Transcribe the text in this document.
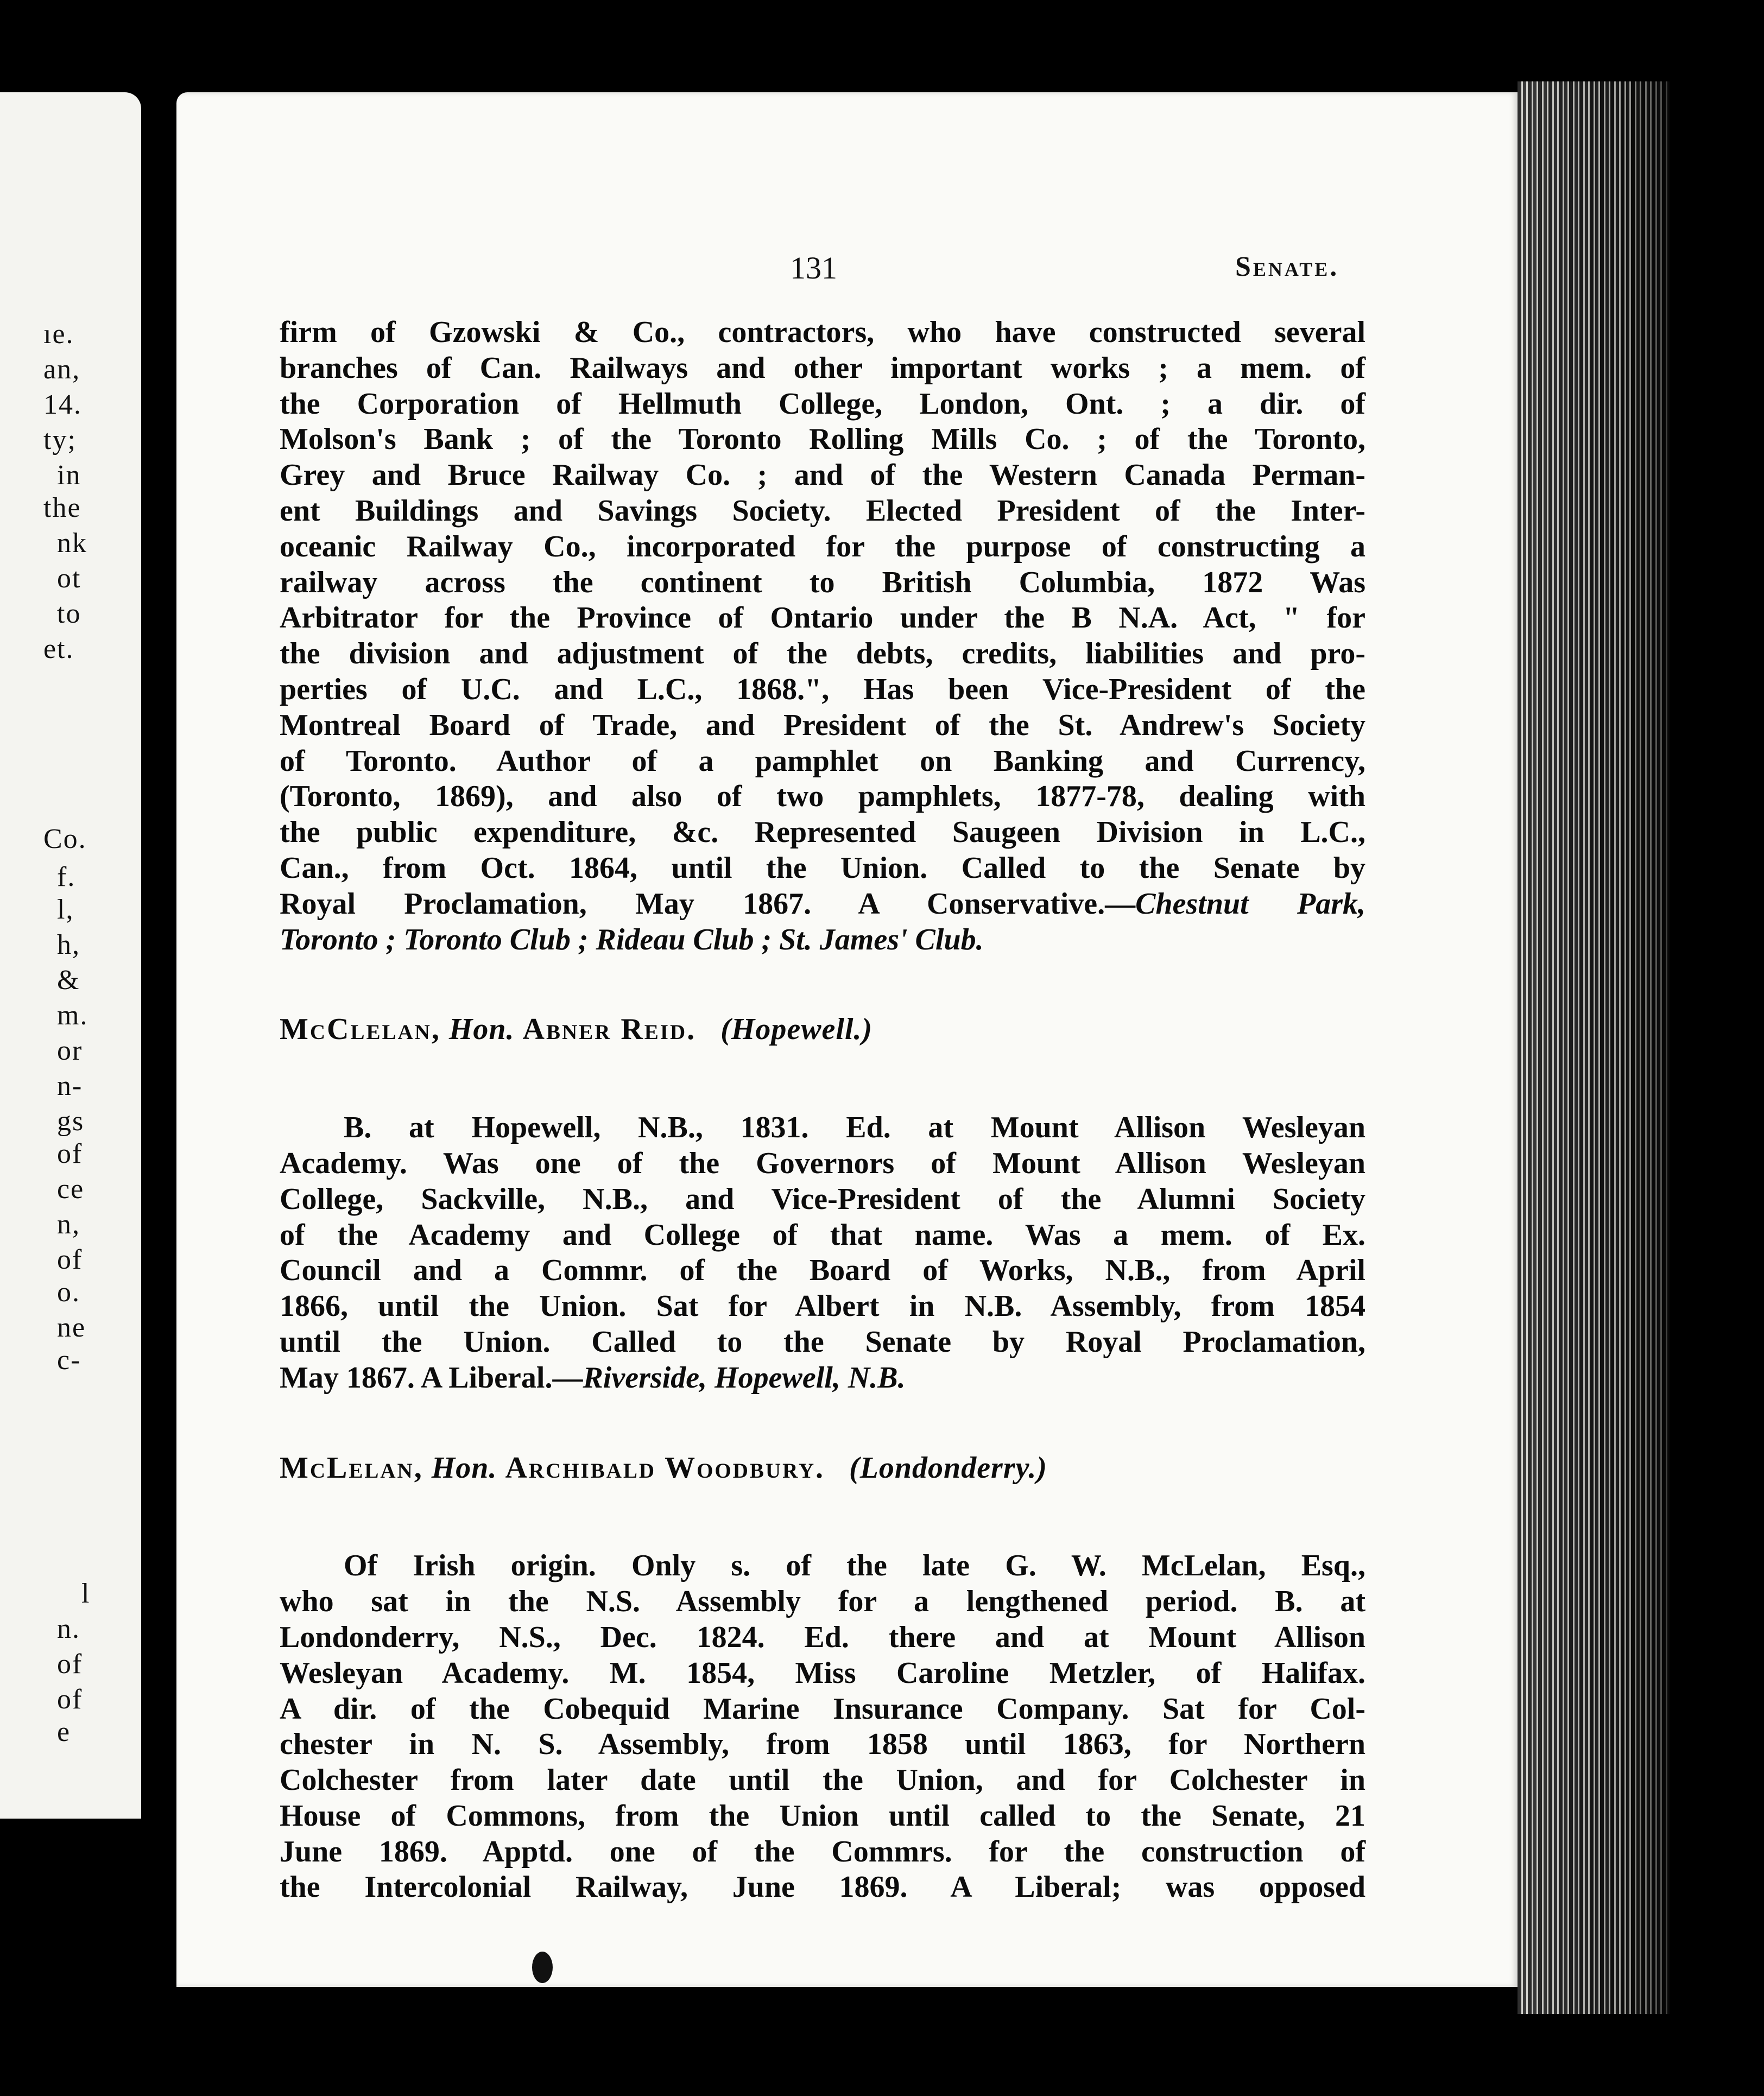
ıe.
an,
14.
ty;
in
the
nk
ot
to
et.
Co.
f.
l,
h,
&
m.
or
n-
gs
of
ce
n,
of
o.
ne
c-
l
n.
of
of
e
131	Senate.

firm of Gzowski & Co., contractors, who have constructed several

branches of Can. Railways and other important works ; a mem. of

the Corporation of Hellmuth College, London, Ont. ; a dir. of

Molson's Bank ; of the Toronto Rolling Mills Co. ; of the Toronto,

Grey and Bruce Railway Co. ; and of the Western Canada Perman-

ent Buildings and Savings Society. Elected President of the Inter-

oceanic Railway Co., incorporated for the purpose of constructing a

railway across the continent to British Columbia, 1872 Was

Arbitrator for the Province of Ontario under the B N.A. Act, " for

the division and adjustment of the debts, credits, liabilities and pro-

perties of U.C. and L.C., 1868.", Has been Vice-President of the

Montreal Board of Trade, and President of the St. Andrew's Society

of Toronto. Author of a pamphlet on Banking and Currency,

(Toronto, 1869), and also of two pamphlets, 1877-78, dealing with

the public expenditure, &c. Represented Saugeen Division in L.C.,

Can., from Oct. 1864, until the Union. Called to the Senate by

Royal Proclamation, May 1867. A Conservative.—Chestnut Park,

Toronto ; Toronto Club ; Rideau Club ; St. James' Club.

McClelan, Hon. Abner Reid. (Hopewell.)

B. at Hopewell, N.B., 1831. Ed. at Mount Allison Wesleyan

Academy. Was one of the Governors of Mount Allison Wesleyan

College, Sackville, N.B., and Vice-President of the Alumni Society

of the Academy and College of that name. Was a mem. of Ex.

Council and a Commr. of the Board of Works, N.B., from April

1866, until the Union. Sat for Albert in N.B. Assembly, from 1854

until the Union. Called to the Senate by Royal Proclamation,

May 1867. A Liberal.—Riverside, Hopewell, N.B.

McLelan, Hon. Archibald Woodbury. (Londonderry.)

Of Irish origin. Only s. of the late G. W. McLelan, Esq.,

who sat in the N.S. Assembly for a lengthened period. B. at

Londonderry, N.S., Dec. 1824. Ed. there and at Mount Allison

Wesleyan Academy. M. 1854, Miss Caroline Metzler, of Halifax.

A dir. of the Cobequid Marine Insurance Company. Sat for Col-

chester in N. S. Assembly, from 1858 until 1863, for Northern

Colchester from later date until the Union, and for Colchester in

House of Commons, from the Union until called to the Senate, 21

June 1869. Apptd. one of the Commrs. for the construction of

the Intercolonial Railway, June 1869. A Liberal; was opposed
